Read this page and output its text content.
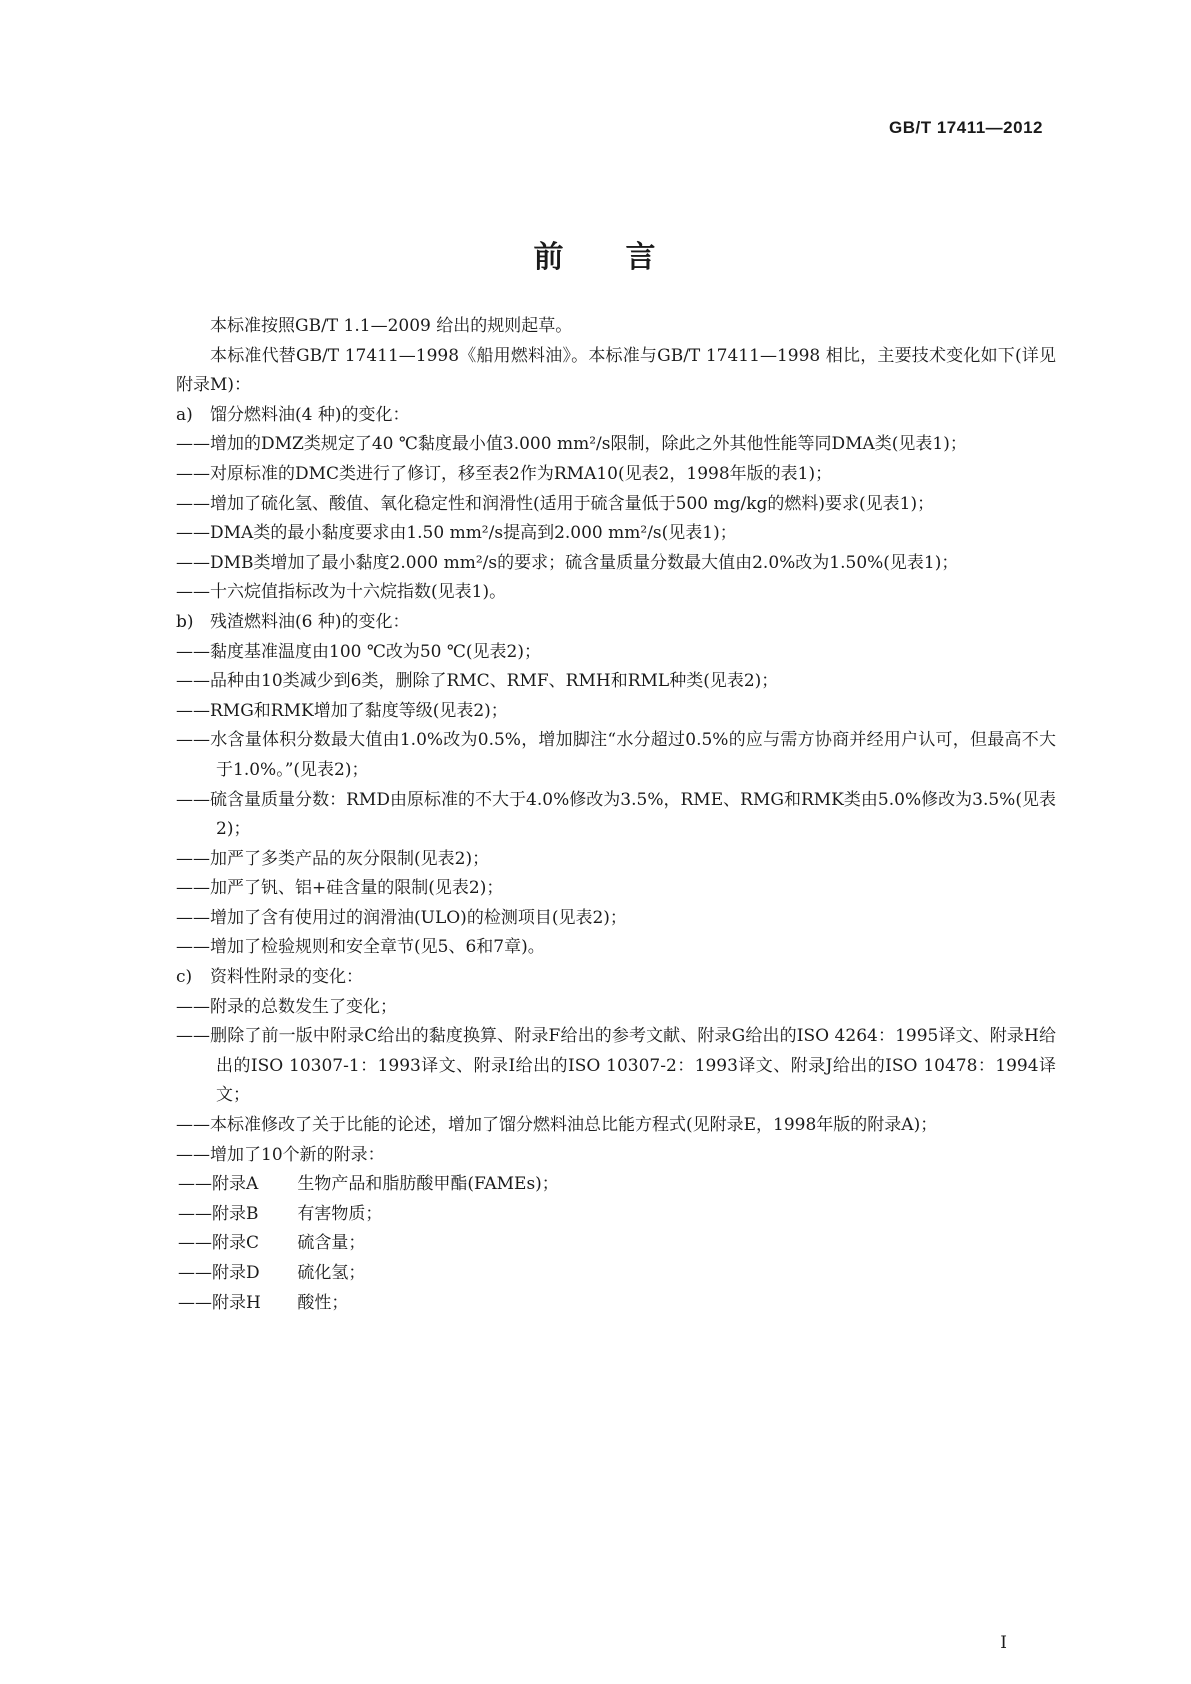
GB/T 17411—2012
前 言
本标准按照GB/T 1.1—2009 给出的规则起草。
本标准代替GB/T 17411—1998《船用燃料油》。本标准与GB/T 17411—1998 相比，主要技术变化如下(详见附录M)：
a) 馏分燃料油(4 种)的变化：
——增加的DMZ类规定了40 ℃黏度最小值3.000 mm²/s限制，除此之外其他性能等同DMA类(见表1)；
——对原标准的DMC类进行了修订，移至表2作为RMA10(见表2，1998年版的表1)；
——增加了硫化氢、酸值、氧化稳定性和润滑性(适用于硫含量低于500 mg/kg的燃料)要求(见表1)；
——DMA类的最小黏度要求由1.50 mm²/s提高到2.000 mm²/s(见表1)；
——DMB类增加了最小黏度2.000 mm²/s的要求；硫含量质量分数最大值由2.0%改为1.50%(见表1)；
——十六烷值指标改为十六烷指数(见表1)。
b) 残渣燃料油(6 种)的变化：
——黏度基准温度由100 ℃改为50 ℃(见表2)；
——品种由10类减少到6类，删除了RMC、RMF、RMH和RML种类(见表2)；
——RMG和RMK增加了黏度等级(见表2)；
——水含量体积分数最大值由1.0%改为0.5%，增加脚注“水分超过0.5%的应与需方协商并经用户认可，但最高不大于1.0%。”(见表2)；
——硫含量质量分数：RMD由原标准的不大于4.0%修改为3.5%，RME、RMG和RMK类由5.0%修改为3.5%(见表2)；
——加严了多类产品的灰分限制(见表2)；
——加严了钒、铝+硅含量的限制(见表2)；
——增加了含有使用过的润滑油(ULO)的检测项目(见表2)；
——增加了检验规则和安全章节(见5、6和7章)。
c) 资料性附录的变化：
——附录的总数发生了变化；
——删除了前一版中附录C给出的黏度换算、附录F给出的参考文献、附录G给出的ISO 4264：1995译文、附录H给出的ISO 10307-1：1993译文、附录I给出的ISO 10307-2：1993译文、附录J给出的ISO 10478：1994译文；
——本标准修改了关于比能的论述，增加了馏分燃料油总比能方程式(见附录E，1998年版的附录A)；
——增加了10个新的附录：
——附录A 生物产品和脂肪酸甲酯(FAMEs)；
——附录B 有害物质；
——附录C 硫含量；
——附录D 硫化氢；
——附录H 酸性；
I
